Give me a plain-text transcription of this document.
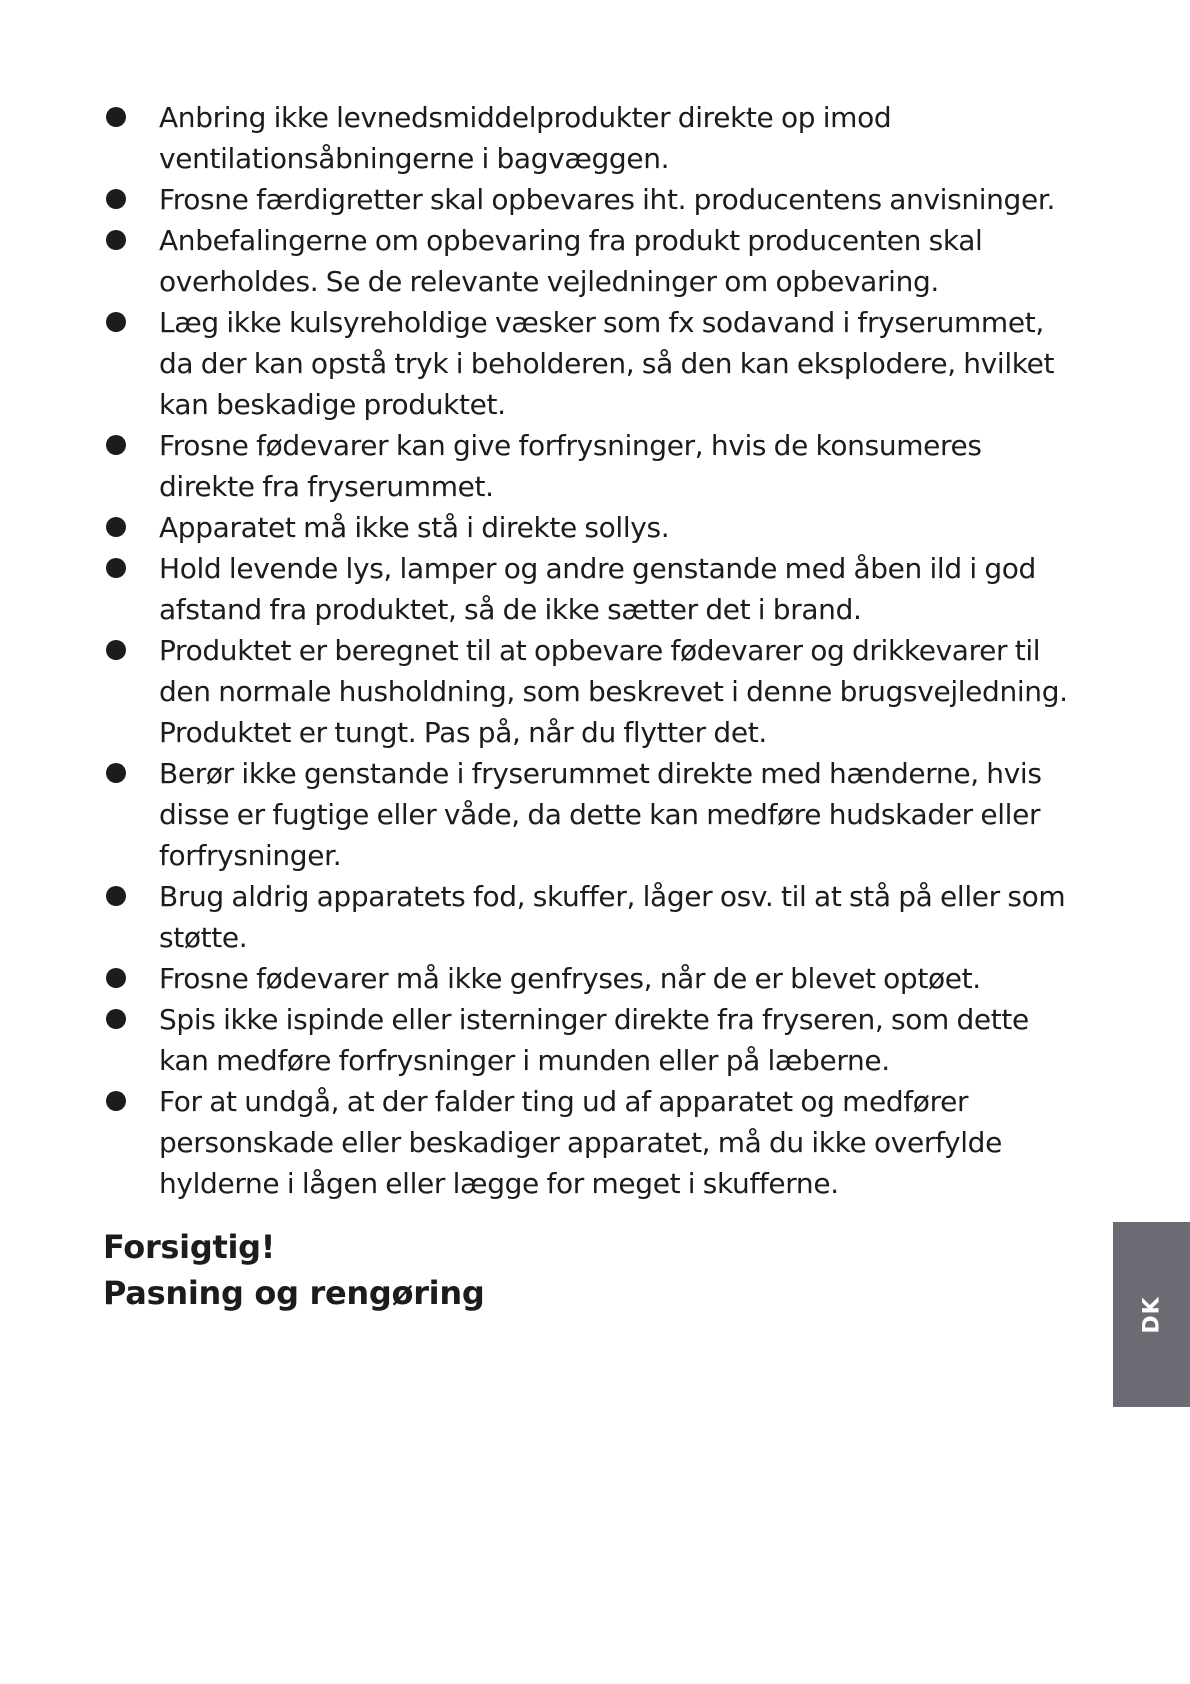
Anbring ikke levnedsmiddelprodukter direkte op imod ventilationsåbningerne i bagvæggen.
Frosne færdigretter skal opbevares iht. producentens anvisninger.
Anbefalingerne om opbevaring fra produkt producenten skal overholdes. Se de relevante vejledninger om opbevaring.
Læg ikke kulsyreholdige væsker som fx sodavand i fryserummet, da der kan opstå tryk i beholderen, så den kan eksplodere, hvilket kan beskadige produktet.
Frosne fødevarer kan give forfrysninger, hvis de konsumeres direkte fra fryserummet.
Apparatet må ikke stå i direkte sollys.
Hold levende lys, lamper og andre genstande med åben ild i god afstand fra produktet, så de ikke sætter det i brand.
Produktet er beregnet til at opbevare fødevarer og drikkevarer til den normale husholdning, som beskrevet i denne brugsvejledning. Produktet er tungt. Pas på, når du flytter det.
Berør ikke genstande i fryserummet direkte med hænderne, hvis disse er fugtige eller våde, da dette kan medføre hudskader eller forfrysninger.
Brug aldrig apparatets fod, skuffer, låger osv. til at stå på eller som støtte.
Frosne fødevarer må ikke genfryses, når de er blevet optøet.
Spis ikke ispinde eller isterninger direkte fra fryseren, som dette kan medføre forfrysninger i munden eller på læberne.
For at undgå, at der falder ting ud af apparatet og medfører personskade eller beskadiger apparatet, må du ikke overfylde hylderne i lågen eller lægge for meget i skufferne.
Forsigtig!
Pasning og rengøring
DK
